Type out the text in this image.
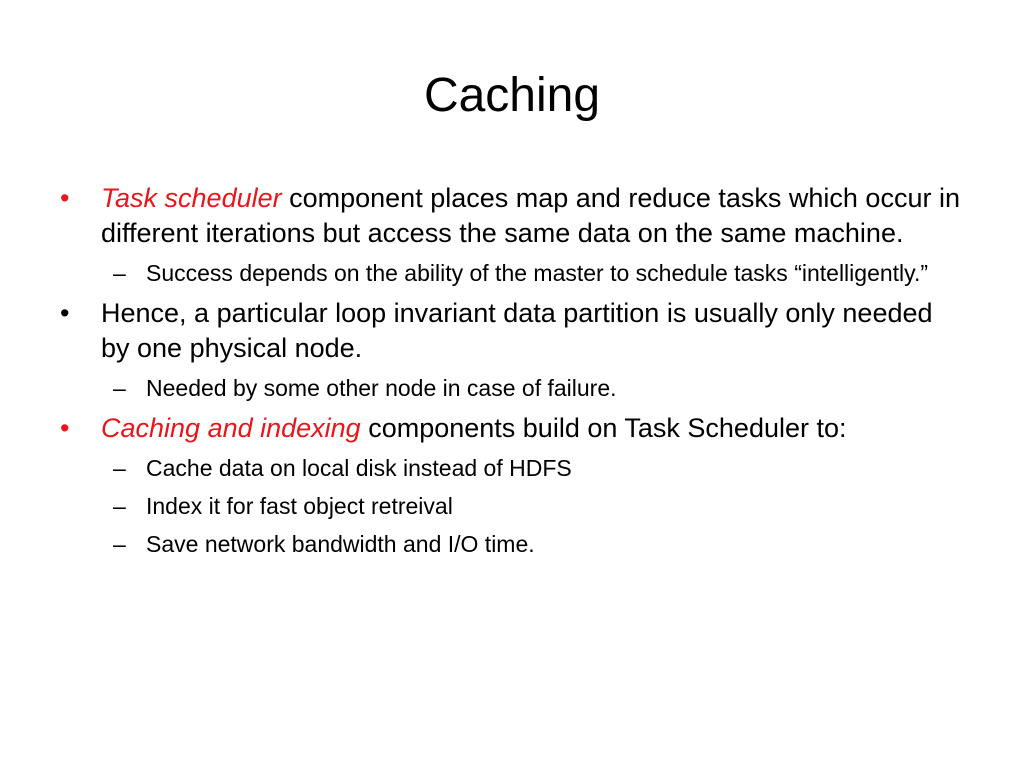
Caching
•	Task scheduler component places map and reduce tasks which occur in different iterations but access the same data on the same machine.
– Success depends on the ability of the master to schedule tasks “intelligently.”
•	Hence, a particular loop invariant data partition is usually only needed by one physical node.
– Needed by some other node in case of failure.
•	Caching and indexing components build on Task Scheduler to:
– Cache data on local disk instead of HDFS
– Index it for fast object retreival
– Save network bandwidth and I/O time.
